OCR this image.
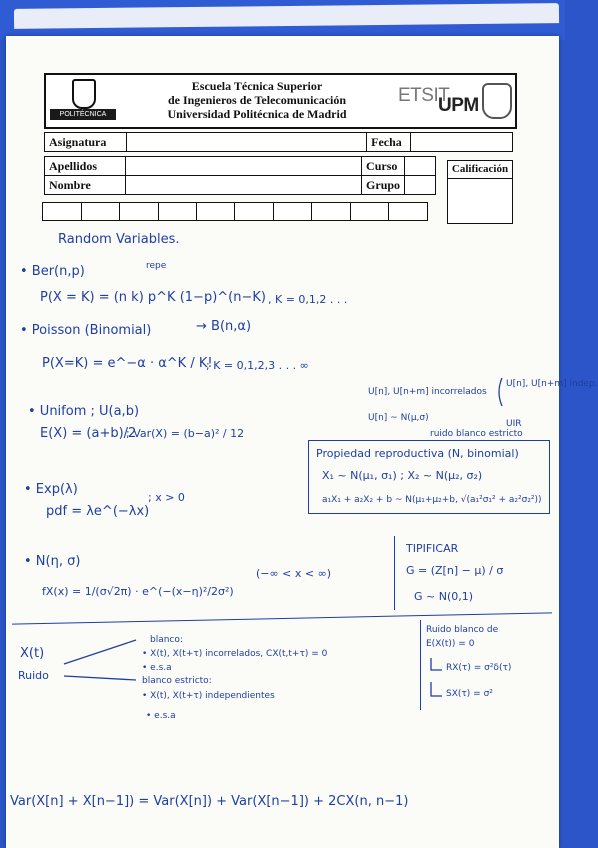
POLITÉCNICA
Escuela Técnica Superior
de Ingenieros de Telecomunicación
Universidad Politécnica de Madrid
ETSIT
UPM
Asignatura		Fecha	
Apellidos		Curso	
Nombre		Grupo	
Calificación
Random Variables.
• Ber(n,p)	repe
P(X = K) = (n k) p^K (1−p)^(n−K) , K = 0,1,2 . . .
• Poisson (Binomial)	→ B(n,α)
P(X=K) = e^−α · α^K / K!
; K = 0,1,2,3 . . . ∞
• Unifom ; U(a,b)
E(X) = (a+b)/2
; Var(X) = (b−a)² / 12
U[n], U[n+m] incorrelados
U[n], U[n+m] indep.
U[n] ~ N(μ,σ)
ruido blanco estricto
UIR
Propiedad reproductiva (N, binomial)
X₁ ~ N(μ₁, σ₁) ; X₂ ~ N(μ₂, σ₂)
a₁X₁ + a₂X₂ + b ~ N(μ₁+μ₂+b, √(a₁²σ₁² + a₂²σ₂²))
• Exp(λ)
pdf = λe^(−λx)
; x > 0
• N(η, σ)
fX(x) = 1/(σ√2π) · e^(−(x−η)²/2σ²)
(−∞ < x < ∞)
TIPIFICAR
G = (Z[n] − μ) / σ
G ~ N(0,1)
X(t)
Ruido
blanco:
• X(t), X(t+τ) incorrelados, CX(t,t+τ) = 0
• e.s.a
blanco estricto:
• X(t), X(t+τ) independientes
• e.s.a
Ruido blanco de
E(X(t)) = 0
RX(τ) = σ²δ(τ)
SX(τ) = σ²
Var(X[n] + X[n−1]) = Var(X[n]) + Var(X[n−1]) + 2CX(n, n−1)
